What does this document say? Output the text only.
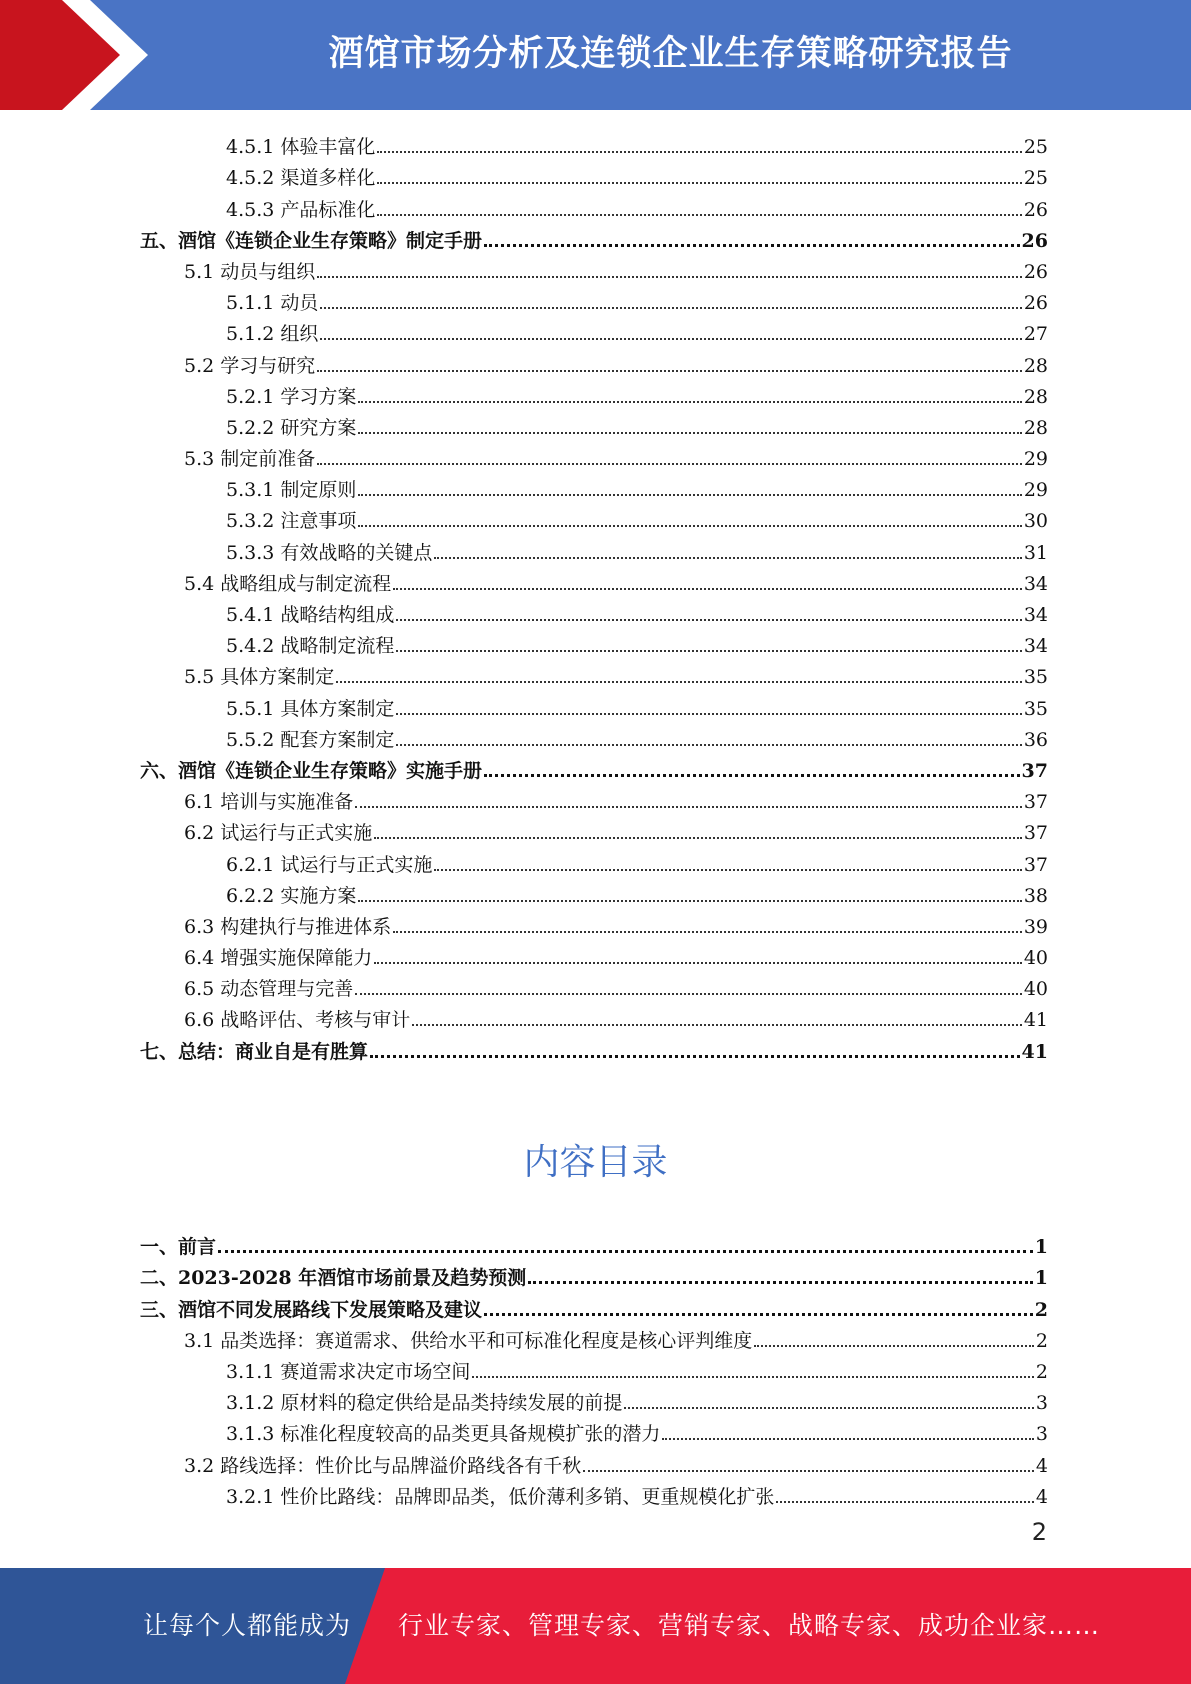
酒馆市场分析及连锁企业生存策略研究报告
4.5.1 体验丰富化	25
4.5.2 渠道多样化	25
4.5.3 产品标准化	26
五、酒馆《连锁企业生存策略》制定手册	26
5.1 动员与组织	26
5.1.1 动员	26
5.1.2 组织	27
5.2 学习与研究	28
5.2.1 学习方案	28
5.2.2 研究方案	28
5.3 制定前准备	29
5.3.1 制定原则	29
5.3.2 注意事项	30
5.3.3 有效战略的关键点	31
5.4 战略组成与制定流程	34
5.4.1 战略结构组成	34
5.4.2 战略制定流程	34
5.5 具体方案制定	35
5.5.1 具体方案制定	35
5.5.2 配套方案制定	36
六、酒馆《连锁企业生存策略》实施手册	37
6.1 培训与实施准备	37
6.2 试运行与正式实施	37
6.2.1 试运行与正式实施	37
6.2.2 实施方案	38
6.3 构建执行与推进体系	39
6.4 增强实施保障能力	40
6.5 动态管理与完善	40
6.6 战略评估、考核与审计	41
七、总结：商业自是有胜算	41
内容目录
一、前言	1
二、2023-2028 年酒馆市场前景及趋势预测	1
三、酒馆不同发展路线下发展策略及建议	2
3.1 品类选择：赛道需求、供给水平和可标准化程度是核心评判维度	2
3.1.1 赛道需求决定市场空间	2
3.1.2 原材料的稳定供给是品类持续发展的前提	3
3.1.3 标准化程度较高的品类更具备规模扩张的潜力	3
3.2 路线选择：性价比与品牌溢价路线各有千秋	4
3.2.1 性价比路线：品牌即品类，低价薄利多销、更重规模化扩张	4
2
让每个人都能成为 行业专家、管理专家、营销专家、战略专家、成功企业家……
